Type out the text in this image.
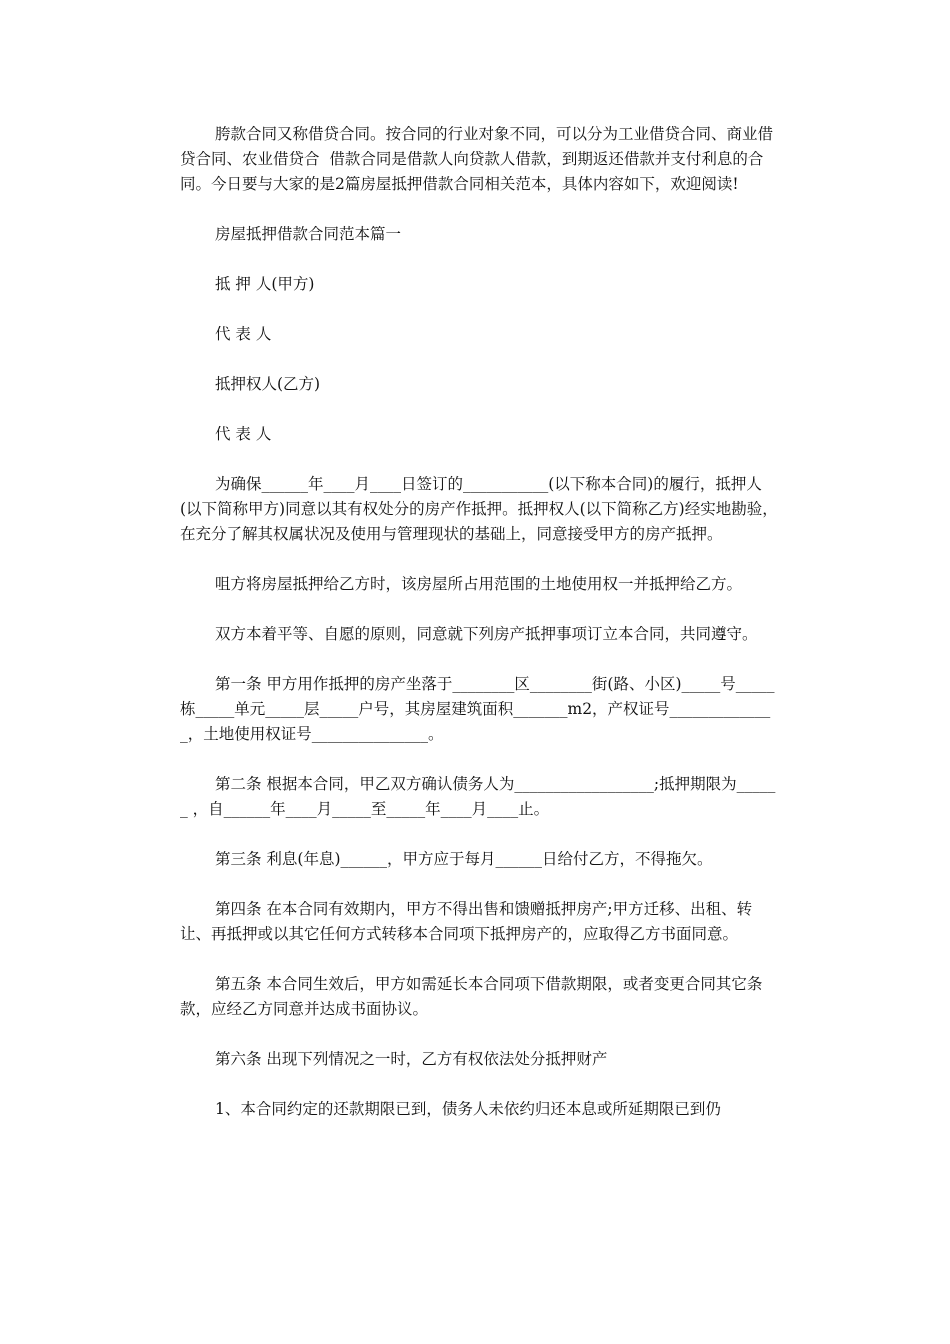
胯款合同又称借贷合同。按合同的行业对象不同，可以分为工业借贷合同、商业借贷合同、农业借贷合  借款合同是借款人向贷款人借款，到期返还借款并支付利息的合同。今日要与大家的是2篇房屋抵押借款合同相关范本，具体内容如下，欢迎阅读!

房屋抵押借款合同范本篇一

抵 押 人(甲方)

代 表 人

抵押权人(乙方)

代 表 人

为确保______年____月____日签订的___________(以下称本合同)的履行，抵押人(以下简称甲方)同意以其有权处分的房产作抵押。抵押权人(以下简称乙方)经实地勘验，在充分了解其权属状况及使用与管理现状的基础上，同意接受甲方的房产抵押。

咀方将房屋抵押给乙方时，该房屋所占用范围的土地使用权一并抵押给乙方。

双方本着平等、自愿的原则，同意就下列房产抵押事项订立本合同，共同遵守。

第一条 甲方用作抵押的房产坐落于________区________街(路、小区)_____号_____栋_____单元_____层_____户号，其房屋建筑面积_______m2，产权证号______________，土地使用权证号_______________。

第二条 根据本合同，甲乙双方确认债务人为__________________;抵押期限为______ ，自______年____月_____至_____年____月____止。

第三条 利息(年息)______，甲方应于每月______日给付乙方，不得拖欠。

第四条 在本合同有效期内，甲方不得出售和馈赠抵押房产;甲方迁移、出租、转让、再抵押或以其它任何方式转移本合同项下抵押房产的，应取得乙方书面同意。

第五条 本合同生效后，甲方如需延长本合同项下借款期限，或者变更合同其它条款，应经乙方同意并达成书面协议。

第六条 出现下列情况之一时，乙方有权依法处分抵押财产

1、本合同约定的还款期限已到，债务人未依约归还本息或所延期限已到仍
